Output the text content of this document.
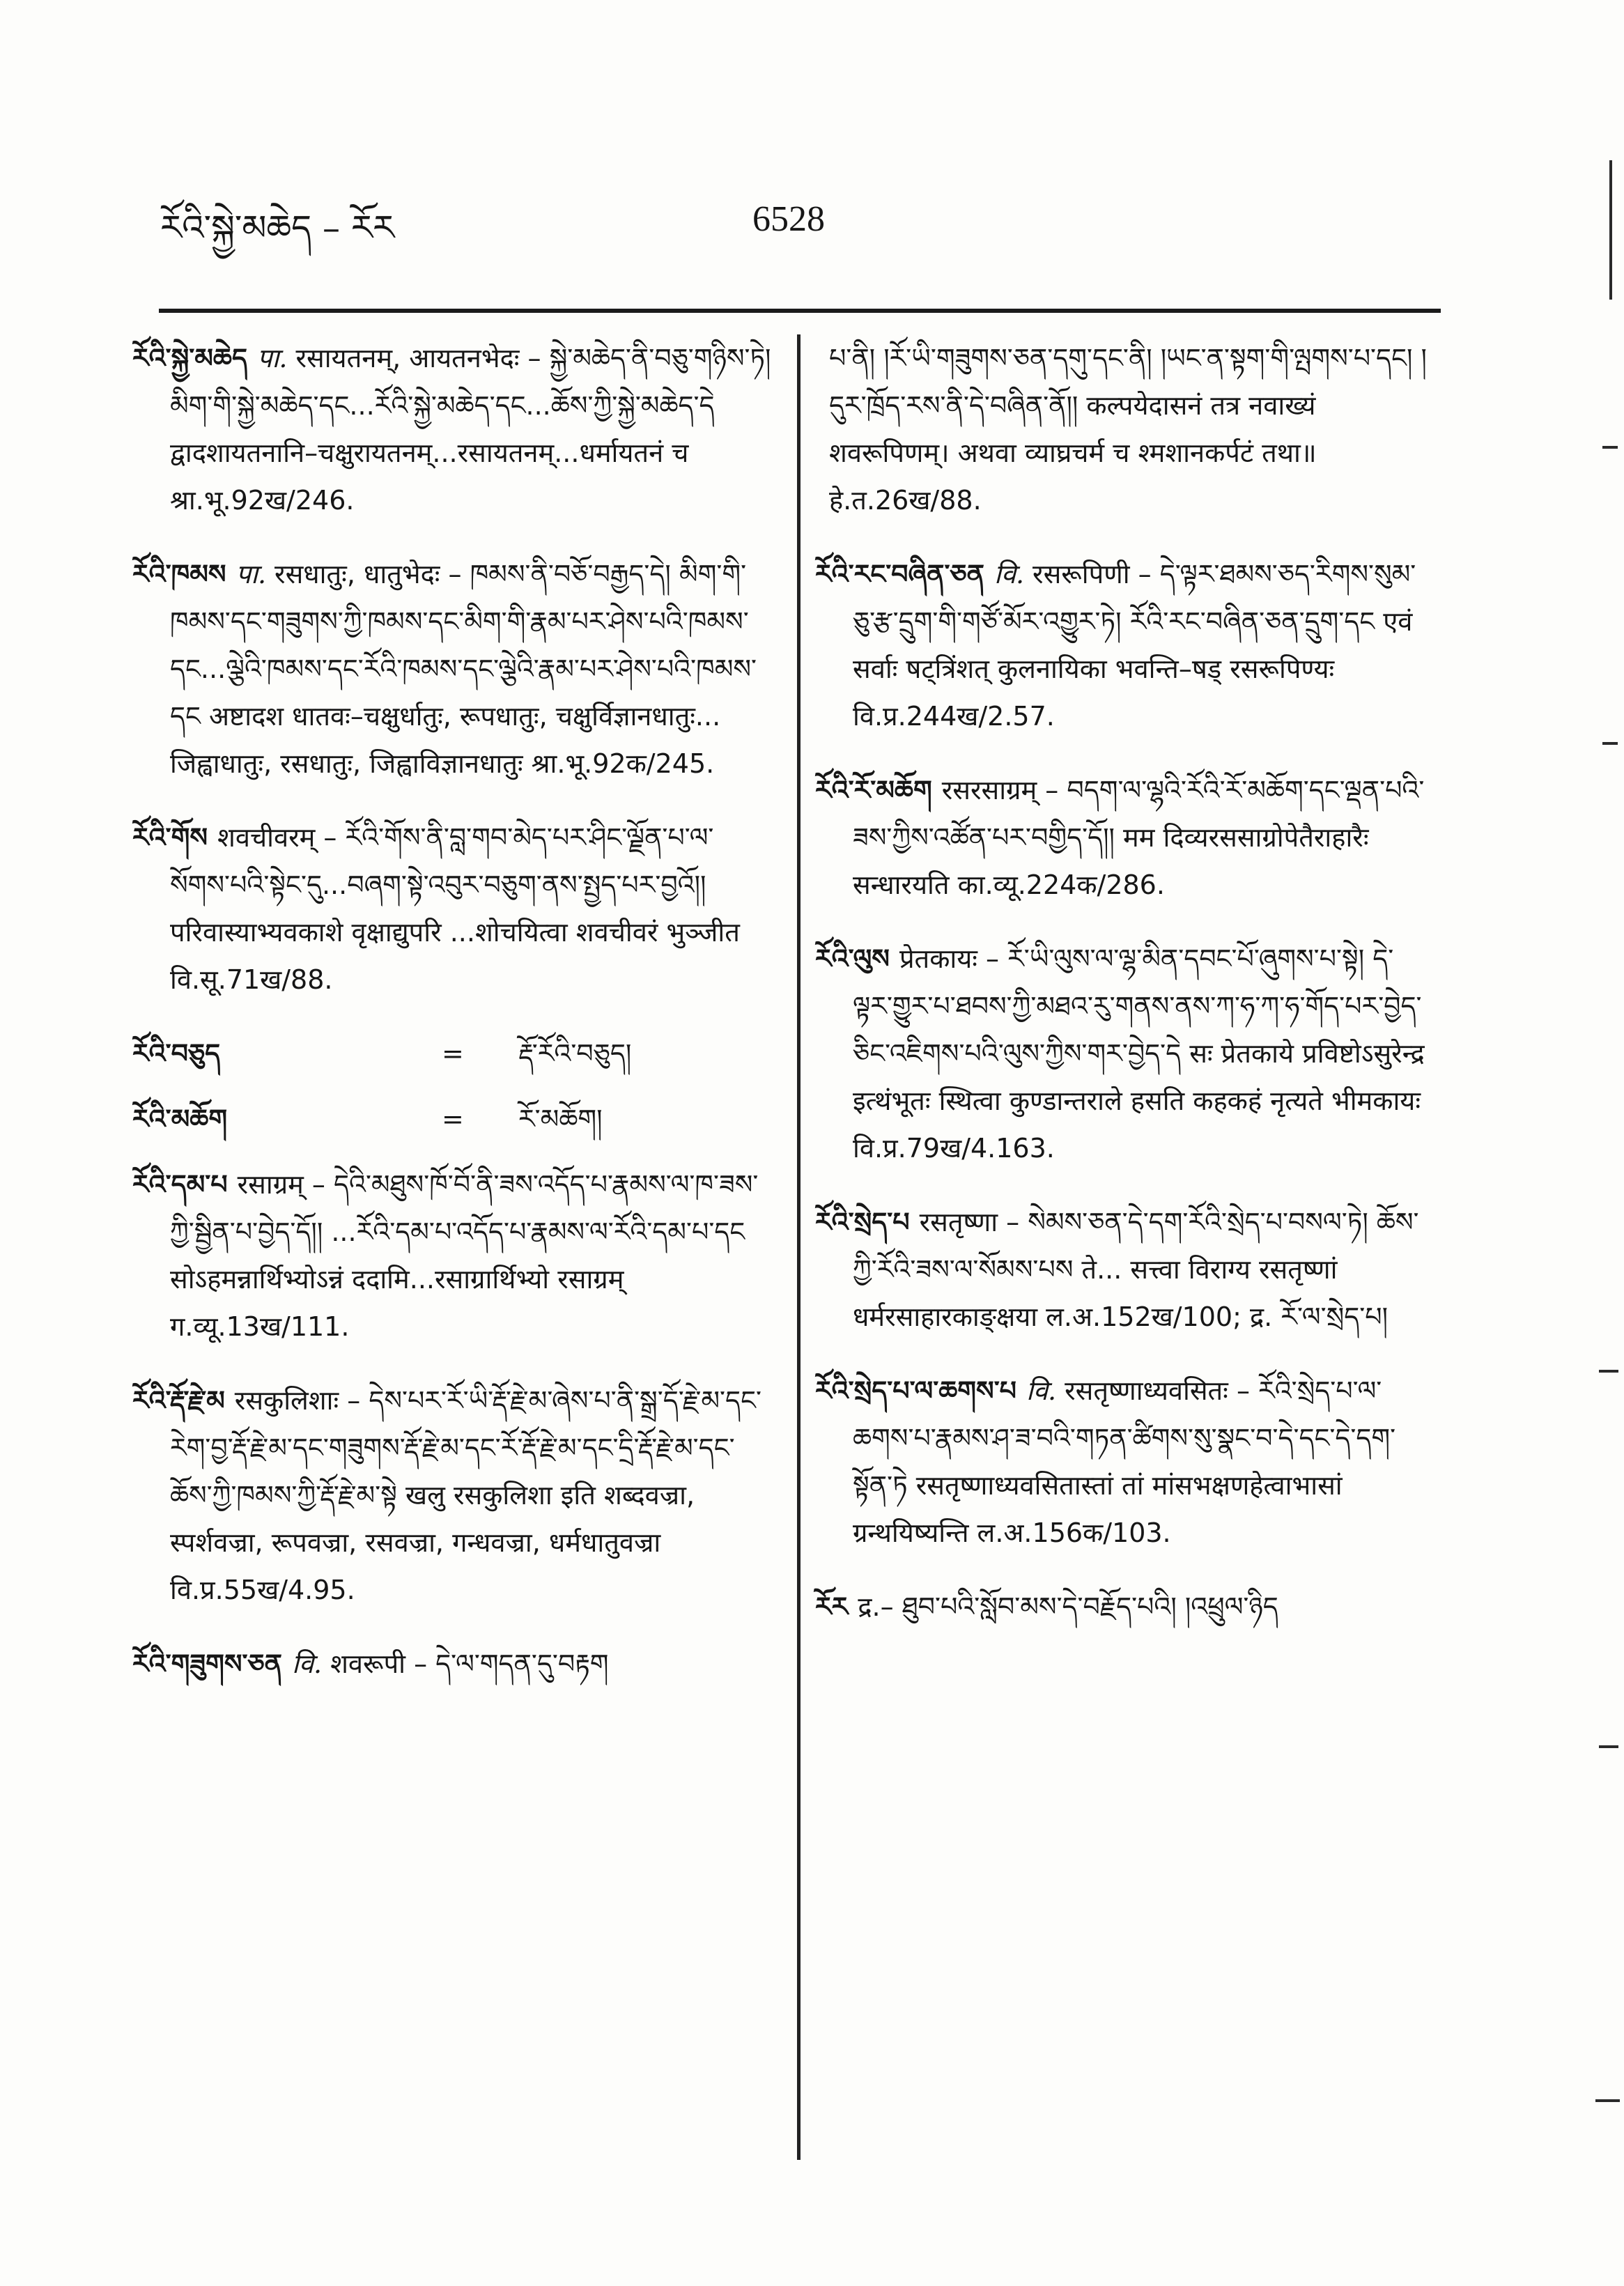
རོའི་སྐྱེ་མཆེད – རོར	6528
རོའི་སྐྱེ་མཆེད पा. रसायतनम्, आयतनभेदः – སྐྱེ་མཆེད་ནི་བཅུ་གཉིས་ཏེ། མིག་གི་སྐྱེ་མཆེད་དང...རོའི་སྐྱེ་མཆེད་དང...ཆོས་ཀྱི་སྐྱེ་མཆེད་དེ द्वादशायतनानि–चक्षुरायतनम्...रसायतनम्...धर्मायतनं च श्रा.भू.92ख/246.
རོའི་ཁམས पा. रसधातुः, धातुभेदः – ཁམས་ནི་བཅོ་བརྒྱད་དེ། མིག་གི་ཁམས་དང་གཟུགས་ཀྱི་ཁམས་དང་མིག་གི་རྣམ་པར་ཤེས་པའི་ཁམས་དང...ལྕེའི་ཁམས་དང་རོའི་ཁམས་དང་ལྕེའི་རྣམ་པར་ཤེས་པའི་ཁམས་དང अष्टादश धातवः–चक्षुर्धातुः, रूपधातुः, चक्षुर्विज्ञानधातुः... जिह्वाधातुः, रसधातुः, जिह्वाविज्ञानधातुः श्रा.भू.92क/245.
རོའི་གོས शवचीवरम् – རོའི་གོས་ནི་བླ་གབ་མེད་པར་ཤིང་ལྗོན་པ་ལ་སོགས་པའི་སྟེང་དུ...བཞག་སྟེ་འབུར་བཅུག་ནས་སྤྱད་པར་བྱའོ།། परिवास्याभ्यवकाशे वृक्षाद्युपरि ...शोचयित्वा शवचीवरं भुञ्जीत वि.सू.71ख/88.
རོའི་བཅུད	=	རྡོ་རོའི་བཅུད།
རོའི་མཆོག	=	རོ་མཆོག།
རོའི་དམ་པ रसाग्रम् – དེའི་མཐུས་ཁོ་བོ་ནི་ཟས་འདོད་པ་རྣམས་ལ་ཁ་ཟས་ཀྱི་སྦྱིན་པ་བྱེད་དོ།། ...རོའི་དམ་པ་འདོད་པ་རྣམས་ལ་རོའི་དམ་པ་དང सोऽहमन्नार्थिभ्योऽन्नं ददामि...रसाग्रार्थिभ्यो रसाग्रम् ग.व्यू.13ख/111.
རོའི་རྡོ་རྗེ་མ रसकुलिशाः – དེས་པར་རོ་ཡི་རྡོ་རྗེ་མ་ཞེས་པ་ནི་སྒྲ་དོ་རྗེ་མ་དང་རེག་བྱ་རྡོ་རྗེ་མ་དང་གཟུགས་རྡོ་རྗེ་མ་དང་རོ་རྡོ་རྗེ་མ་དང་དྲི་རྡོ་རྗེ་མ་དང་ཆོས་ཀྱི་ཁམས་ཀྱི་རྡོ་རྗེ་མ་སྟེ खलु रसकुलिशा इति शब्दवज्रा, स्पर्शवज्रा, रूपवज्रा, रसवज्रा, गन्धवज्रा, धर्मधातुवज्रा वि.प्र.55ख/4.95.
རོའི་གཟུགས་ཅན वि. शवरूपी – དེ་ལ་གདན་དུ་བརྟག
པ་ནི། །རོ་ཡི་གཟུགས་ཅན་དགུ་དང་ནི། །ཡང་ན་སྟག་གི་ལྤགས་པ་དང། །དུར་ཁྲོད་རས་ནི་དེ་བཞིན་ནོ།། कल्पयेदासनं तत्र नवाख्यं शवरूपिणम्। अथवा व्याघ्रचर्म च श्मशानकर्पटं तथा॥ हे.त.26ख/88.
རོའི་རང་བཞིན་ཅན वि. रसरूपिणी – དེ་ལྟར་ཐམས་ཅད་རིགས་སུམ་ཅུ་རྩ་དྲུག་གི་གཙོ་མོར་འགྱུར་ཏེ། རོའི་རང་བཞིན་ཅན་དྲུག་དང एवं सर्वाः षट्त्रिंशत् कुलनायिका भवन्ति–षड् रसरूपिण्यः वि.प्र.244ख/2.57.
རོའི་རོ་མཆོག रसरसाग्रम् – བདག་ལ་ལྷའི་རོའི་རོ་མཆོག་དང་ལྡན་པའི་ཟས་ཀྱིས་འཚོན་པར་བགྱིད་དོ།། मम दिव्यरससाग्रोपेतैराहारैः सन्धारयति का.व्यू.224क/286.
རོའི་ལུས प्रेतकायः – རོ་ཡི་ལུས་ལ་ལྷ་མིན་དབང་པོ་ཞུགས་པ་སྟེ། དེ་ལྟར་གྱུར་པ་ཐབས་ཀྱི་མཐའ་རུ་གནས་ནས་ཀ་ཧ་ཀ་ཧ་གོད་པར་བྱེད་ཅིང་འཇིགས་པའི་ལུས་ཀྱིས་གར་བྱེད་དེ सः प्रेतकाये प्रविष्टोऽसुरेन्द्र इत्थंभूतः स्थित्वा कुण्डान्तराले हसति कहकहं नृत्यते भीमकायः वि.प्र.79ख/4.163.
རོའི་སྲེད་པ रसतृष्णा – སེམས་ཅན་དེ་དག་རོའི་སྲེད་པ་བསལ་ཏེ། ཆོས་ཀྱི་རོའི་ཟས་ལ་སོམས་པས ते... सत्त्वा विराग्य रसतृष्णां धर्मरसाहारकाङ्क्षया ल.अ.152ख/100; द्र. རོ་ལ་སྲེད་པ།
རོའི་སྲེད་པ་ལ་ཆགས་པ वि. रसतृष्णाध्यवसितः – རོའི་སྲེད་པ་ལ་ཆགས་པ་རྣམས་ཤ་ཟ་བའི་གཏན་ཚིགས་སུ་སྣང་བ་དེ་དང་དེ་དག་སྟོན་ཏེ रसतृष्णाध्यवसितास्तां तां मांसभक्षणहेत्वाभासां ग्रन्थयिष्यन्ति ल.अ.156क/103.
རོར द्र.– ཐུབ་པའི་སློབ་མས་དེ་བརྗོད་པའི། །འཕྲུལ་ཉིད
